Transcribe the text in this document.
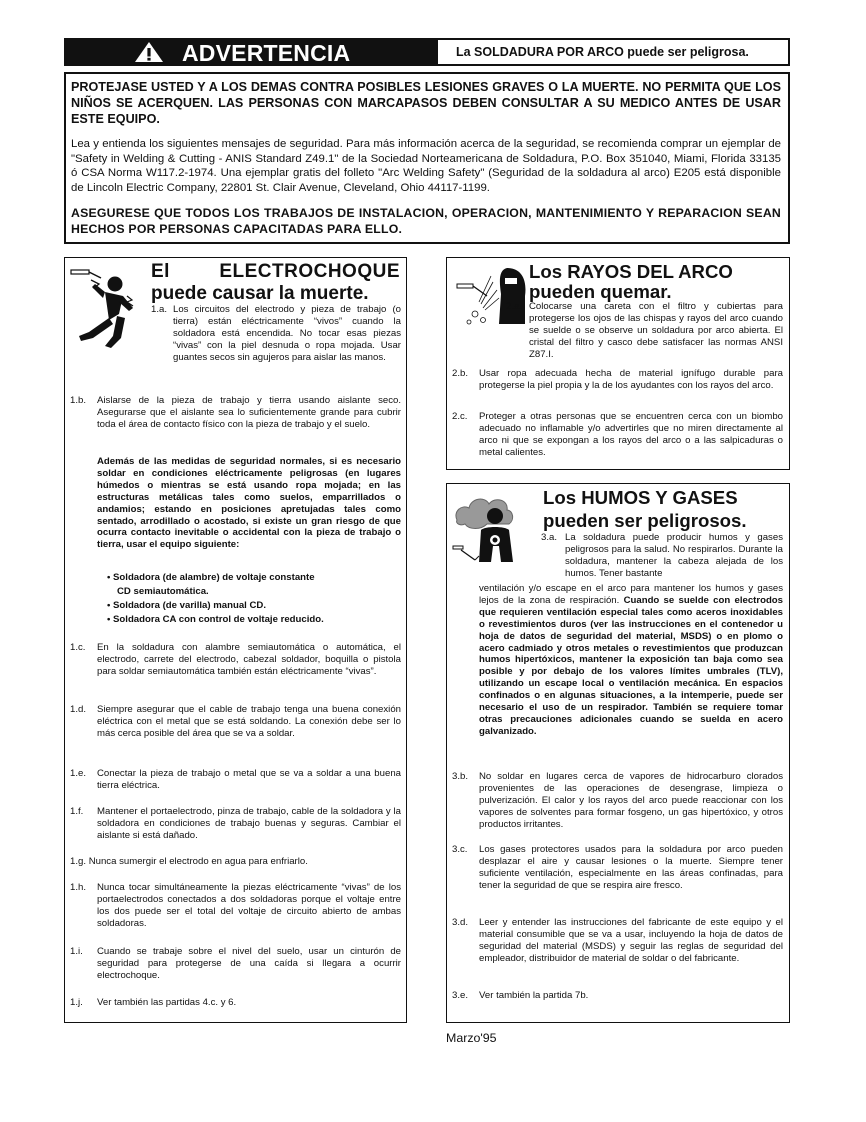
ADVERTENCIA	La SOLDADURA POR ARCO puede ser peligrosa.

PROTEJASE USTED Y A LOS DEMAS CONTRA POSIBLES LESIONES GRAVES O LA MUERTE. NO PERMITA QUE LOS NIÑOS SE ACERQUEN. LAS PERSONAS CON MARCAPASOS DEBEN CONSULTAR A SU MEDICO ANTES DE USAR ESTE EQUIPO.

Lea y entienda los siguientes mensajes de seguridad. Para más información acerca de la seguridad, se recomienda comprar un ejemplar de "Safety in Welding & Cutting - ANIS Standard Z49.1" de la Sociedad Norteamericana de Soldadura, P.O. Box 351040, Miami, Florida 33135 ó CSA Norma W117.2-1974. Una ejemplar gratis del folleto "Arc Welding Safety" (Seguridad de la soldadura al arco) E205 está disponible de Lincoln Electric Company, 22801 St. Clair Avenue, Cleveland, Ohio 44117-1199.

ASEGURESE QUE TODOS LOS TRABAJOS DE INSTALACION, OPERACION, MANTENIMIENTO Y REPARACION SEAN HECHOS POR PERSONAS CAPACITADAS PARA ELLO.

El ELECTROCHOQUE
puede causar la muerte.
1.a. Los circuitos del electrodo y pieza de trabajo (o tierra) están eléctricamente “vivos” cuando la soldadora está encendida. No tocar esas piezas “vivas” con la piel desnuda o ropa mojada. Usar guantes secos sin agujeros para aislar las manos.
1.b. Aislarse de la pieza de trabajo y tierra usando aislante seco. Asegurarse que el aislante sea lo suficientemente grande para cubrir toda el área de contacto físico con la pieza de trabajo y el suelo.
Además de las medidas de seguridad normales, si es necesario soldar en condiciones eléctricamente peligrosas (en lugares húmedos o mientras se está usando ropa mojada; en las estructuras metálicas tales como suelos, emparrillados o andamios; estando en posiciones apretujadas tales como sentado, arrodillado o acostado, si existe un gran riesgo de que ocurra contacto inevitable o accidental con la pieza de trabajo o tierra, usar el equipo siguiente:
• Soldadora (de alambre) de voltaje constante
CD semiautomática.
• Soldadora (de varilla) manual CD.
• Soldadora CA con control de voltaje reducido.
1.c. En la soldadura con alambre semiautomática o automática, el electrodo, carrete del electrodo, cabezal soldador, boquilla o pistola para soldar semiautomática también están eléctricamente “vivas”.
1.d. Siempre asegurar que el cable de trabajo tenga una buena conexión eléctrica con el metal que se está soldando. La conexión debe ser lo más cerca posible del área que se va a soldar.
1.e. Conectar la pieza de trabajo o metal que se va a soldar a una buena tierra eléctrica.
1.f. Mantener el portaelectrodo, pinza de trabajo, cable de la soldadora y la soldadora en condiciones de trabajo buenas y seguras. Cambiar el aislante si está dañado.
1.g. Nunca sumergir el electrodo en agua para enfriarlo.
1.h. Nunca tocar simultáneamente la piezas eléctricamente “vivas” de los portaelectrodos conectados a dos soldadoras porque el voltaje entre los dos puede ser el total del voltaje de circuito abierto de ambas soldadoras.
1.i. Cuando se trabaje sobre el nivel del suelo, usar un cinturón de seguridad para protegerse de una caída si llegara a ocurrir electrochoque.
1.j. Ver también las partidas 4.c. y 6.
Los RAYOS DEL ARCO
pueden quemar.
2.a. Colocarse una careta con el filtro y cubiertas para protegerse los ojos de las chispas y rayos del arco cuando se suelde o se observe un soldadura por arco abierta. El cristal del filtro y casco debe satisfacer las normas ANSI Z87.I.
2.b. Usar ropa adecuada hecha de material ignífugo durable para protegerse la piel propia y la de los ayudantes con los rayos del arco.
2.c. Proteger a otras personas que se encuentren cerca con un biombo adecuado no inflamable y/o advertirles que no miren directamente al arco ni que se expongan a los rayos del arco o a las salpicaduras o metal calientes.
Los HUMOS Y GASES
pueden ser peligrosos.
3.a. La soldadura puede producir humos y gases peligrosos para la salud. No respirarlos. Durante la soldadura, mantener la cabeza alejada de los humos. Tener bastante
ventilación y/o escape en el arco para mantener los humos y gases lejos de la zona de respiración. Cuando se suelde con electrodos que requieren ventilación especial tales como aceros inoxidables o revestimientos duros (ver las instrucciones en el contenedor u hoja de datos de seguridad del material, MSDS) o en plomo o acero cadmiado y otros metales o revestimientos que produzcan humos hipertóxicos, mantener la exposición tan baja como sea posible y por debajo de los valores límites umbrales (TLV), utilizando un escape local o ventilación mecánica. En espacios confinados o en algunas situaciones, a la intemperie, puede ser necesario el uso de un respirador. También se requiere tomar otras precauciones adicionales cuando se suelda en acero galvanizado.
3.b. No soldar en lugares cerca de vapores de hidrocarburo clorados provenientes de las operaciones de desengrase, limpieza o pulverización. El calor y los rayos del arco puede reaccionar con los vapores de solventes para formar fosgeno, un gas hipertóxico, y otros productos irritantes.
3.c. Los gases protectores usados para la soldadura por arco pueden desplazar el aire y causar lesiones o la muerte. Siempre tener suficiente ventilación, especialmente en las áreas confinadas, para tener la seguridad de que se respira aire fresco.
3.d. Leer y entender las instrucciones del fabricante de este equipo y el material consumible que se va a usar, incluyendo la hoja de datos de seguridad del material (MSDS) y seguir las reglas de seguridad del empleador, distribuidor de material de soldar o del fabricante.
3.e. Ver también la partida 7b.
Marzo'95
